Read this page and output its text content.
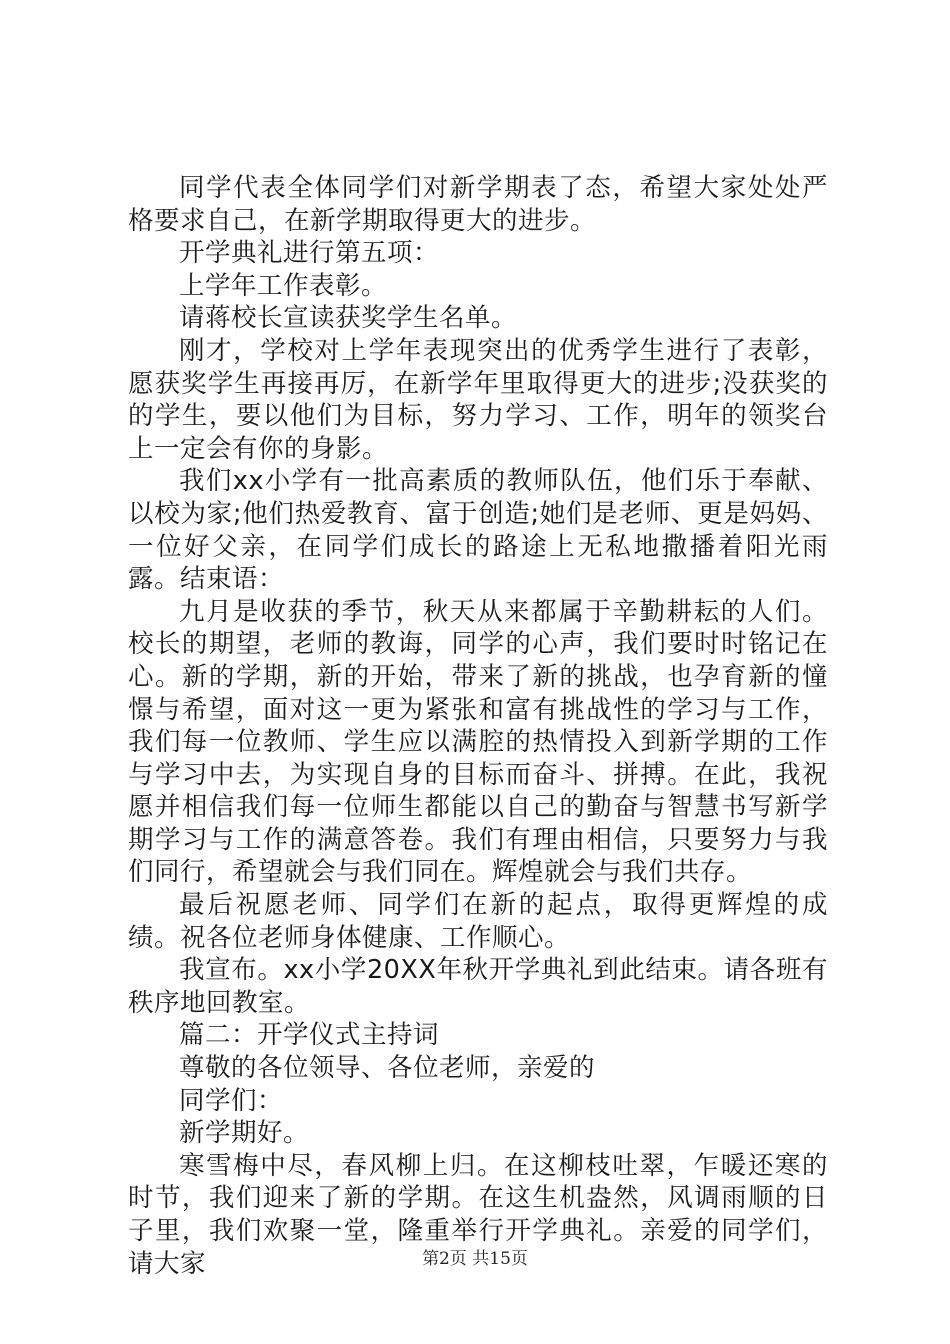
同学代表全体同学们对新学期表了态，希望大家处处严格要求自己，在新学期取得更大的进步。

开学典礼进行第五项：

上学年工作表彰。

请蒋校长宣读获奖学生名单。

刚才，学校对上学年表现突出的优秀学生进行了表彰，愿获奖学生再接再厉，在新学年里取得更大的进步;没获奖的的学生，要以他们为目标，努力学习、工作，明年的领奖台上一定会有你的身影。

我们xx小学有一批高素质的教师队伍，他们乐于奉献、以校为家;他们热爱教育、富于创造;她们是老师、更是妈妈、一位好父亲，在同学们成长的路途上无私地撒播着阳光雨露。结束语：

九月是收获的季节，秋天从来都属于辛勤耕耘的人们。校长的期望，老师的教诲，同学的心声，我们要时时铭记在心。新的学期，新的开始，带来了新的挑战，也孕育新的憧憬与希望，面对这一更为紧张和富有挑战性的学习与工作，我们每一位教师、学生应以满腔的热情投入到新学期的工作与学习中去，为实现自身的目标而奋斗、拼搏。在此，我祝愿并相信我们每一位师生都能以自己的勤奋与智慧书写新学期学习与工作的满意答卷。我们有理由相信，只要努力与我们同行，希望就会与我们同在。辉煌就会与我们共存。

最后祝愿老师、同学们在新的起点，取得更辉煌的成绩。祝各位老师身体健康、工作顺心。

我宣布。xx小学20XX年秋开学典礼到此结束。请各班有秩序地回教室。

篇二：开学仪式主持词

尊敬的各位领导、各位老师，亲爱的

同学们：

新学期好。

寒雪梅中尽，春风柳上归。在这柳枝吐翠，乍暖还寒的时节，我们迎来了新的学期。在这生机盎然，风调雨顺的日子里，我们欢聚一堂，隆重举行开学典礼。亲爱的同学们，请大家	第2页 共15页
